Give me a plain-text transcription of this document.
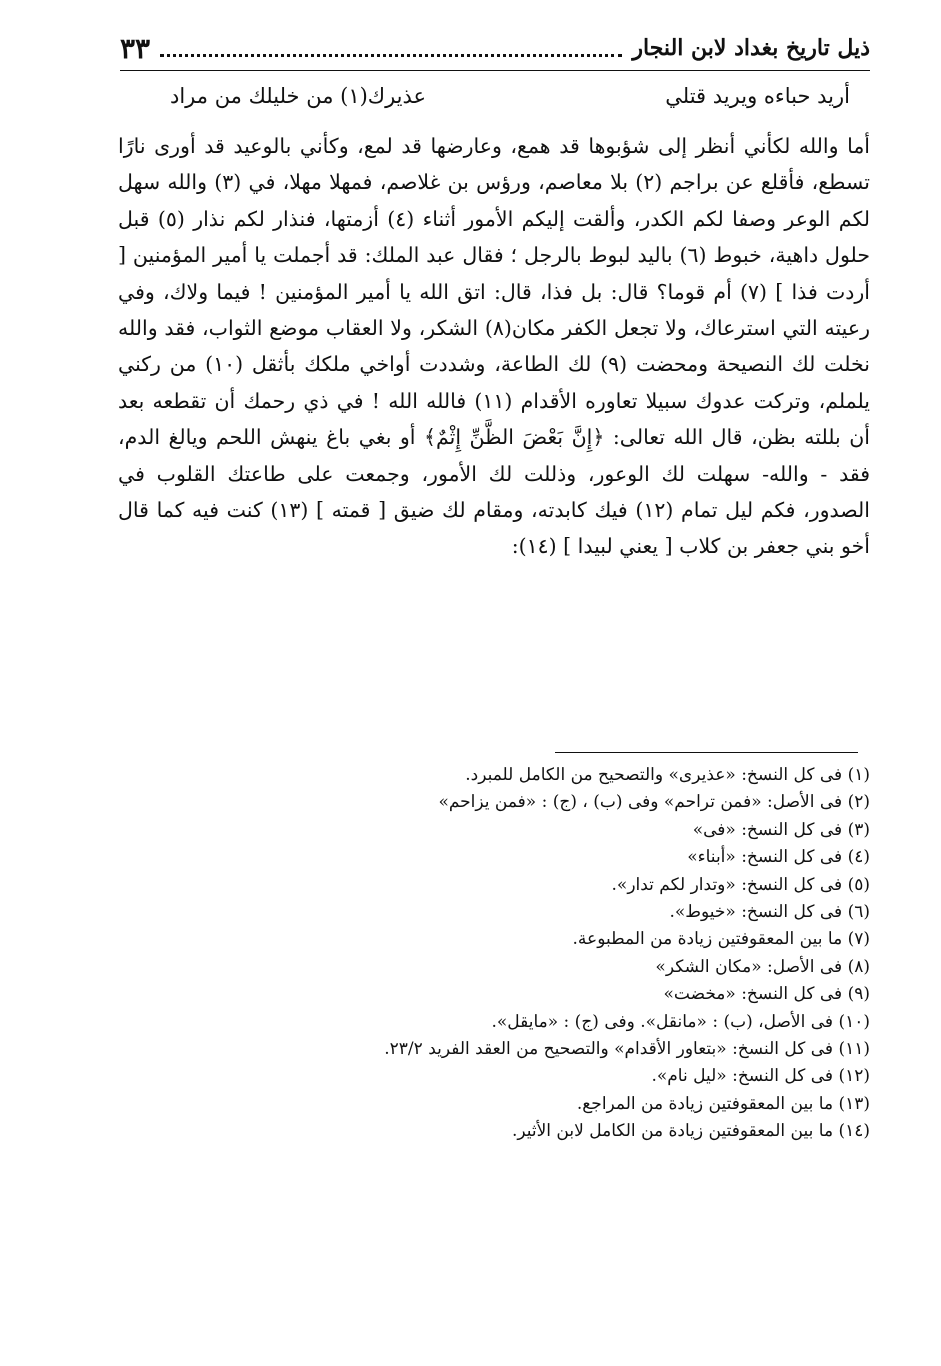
ذيل تاريخ بغداد لابن النجار
٣٣
أريد حباءه ويريد قتلي
عذيرك(١) من خليلك من مراد

أما والله لكأني أنظر إلى شؤبوها قد همع، وعارضها قد لمع، وكأني بالوعيد قد أورى نارًا تسطع، فأقلع عن براجم (٢) بلا معاصم، ورؤس بن غلاصم، فمهلا مهلا، في (٣) والله سهل لكم الوعر وصفا لكم الكدر، وألقت إليكم الأمور أثناء (٤) أزمتها، فنذار لكم نذار (٥) قبل حلول داهية، خبوط (٦) باليد لبوط بالرجل ؛ فقال عبد الملك: قد أجملت يا أمير المؤمنين [ أردت فذا ] (٧) أم قوما؟ قال: بل فذا، قال: اتق الله يا أمير المؤمنين ! فيما ولاك، وفي رعيته التي استرعاك، ولا تجعل الكفر مكان(٨) الشكر، ولا العقاب موضع الثواب، فقد والله نخلت لك النصيحة ومحضت (٩) لك الطاعة، وشددت أواخي ملكك بأثقل (١٠) من ركني يلملم، وتركت عدوك سبيلا تعاوره الأقدام (١١) فالله الله ! في ذي رحمك أن تقطعه بعد أن بللته بظن، قال الله تعالى: ﴿إِنَّ بَعْضَ الظَّنِّ إِثْمٌ﴾ أو بغي باغ ينهش اللحم ويالغ الدم، فقد - والله- سهلت لك الوعور، وذللت لك الأمور، وجمعت على طاعتك القلوب في الصدور، فكم ليل تمام (١٢) فيك كابدته، ومقام لك ضيق [ قمته ] (١٣) كنت فيه كما قال أخو بني جعفر بن كلاب [ يعني لبيدا ] (١٤):

(١) فى كل النسخ: «عذيرى» والتصحيح من الكامل للمبرد.
(٢) فى الأصل: «فمن تراحم» وفى (ب) ، (ج) : «فمن يزاحم»
(٣) فى كل النسخ: «فى»
(٤) فى كل النسخ: «أبناء»
(٥) فى كل النسخ: «وتدار لكم تدار».
(٦) فى كل النسخ: «خيوط».
(٧) ما بين المعقوفتين زيادة من المطبوعة.
(٨) فى الأصل: «مكان الشكر»
(٩) فى كل النسخ: «مخضت»
(١٠) فى الأصل، (ب) : «مانقل». وفى (ج) : «مايقل».
(١١) فى كل النسخ: «بتعاور الأقدام» والتصحيح من العقد الفريد ٢٣/٢.
(١٢) فى كل النسخ: «ليل نام».
(١٣) ما بين المعقوفتين زيادة من المراجع.
(١٤) ما بين المعقوفتين زيادة من الكامل لابن الأثير.
